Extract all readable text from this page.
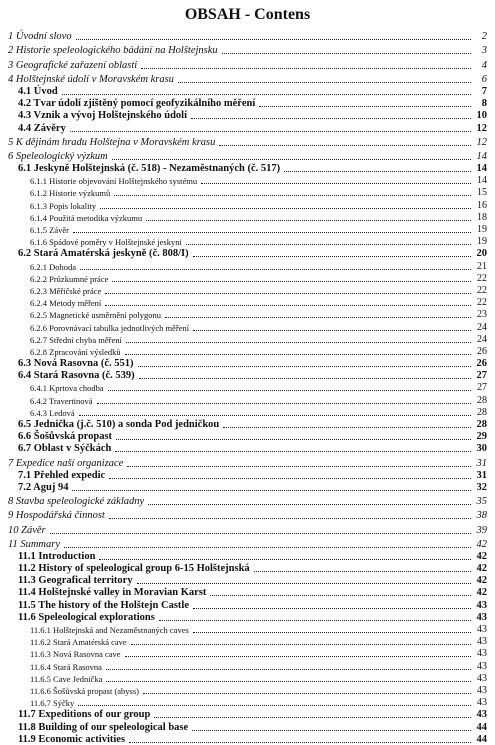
OBSAH - Contens
1 Úvodní slovo	2
2 Historie speleologického bádání na Holštejnsku	3
3 Geografické zařazení oblasti	4
4 Holštejnské údolí v Moravském krasu	6
4.1 Úvod	7
4.2 Tvar údolí zjištěný pomocí geofyzikálního měření	8
4.3 Vznik a vývoj Holštejnského údolí	10
4.4 Závěry	12
5 K dějinám hradu Holštejna v Moravském krasu	12
6 Speleologický výzkum	14
6.1 Jeskyně Holštejnská (č. 518) - Nezaměstnaných (č. 517)	14
6.1.1 Historie objevování Holštejnského systému	14
6.1.2 Historie výzkumů	15
6.1.3 Popis lokality	16
6.1.4 Použitá metodika výzkumu	18
6.1.5 Závěr	19
6.1.6 Spádové poměry v Holštejnské jeskyni	19
6.2 Stará Amatérská jeskyně (č. 808/I)	20
6.2.1 Dohoda	21
6.2.2 Průzkumné práce	22
6.2.3 Měřičské práce	22
6.2.4 Metody měření	22
6.2.5 Magnetické usměrnění polygonu	23
6.2.6 Porovnávací tabulka jednotlivých měření	24
6.2.7 Střední chyba měření	24
6.2.8 Zpracování výsledků	26
6.3 Nová Rasovna (č. 551)	26
6.4 Stará Rasovna (č. 539)	27
6.4.1 Kprtova chodba	27
6.4.2 Travertinová	28
6.4.3 Ledová	28
6.5 Jednička (j.č. 510) a sonda Pod jedničkou	28
6.6 Šošůvská propast	29
6.7 Oblast v Sýčkách	30
7 Expedice naší organizace	31
7.1 Přehled expedic	31
7.2 Aguj 94	32
8 Stavba speleologické základny	35
9 Hospodářská činnost	38
10 Závěr	39
11 Summary	42
11.1 Introduction	42
11.2 History of speleological group 6-15 Holštejnská	42
11.3 Geografical territory	42
11.4 Holštejnské valley in Moravian Karst	42
11.5 The history of the Holštejn Castle	43
11.6 Speleological explorations	43
11.6.1 Holštejnská and Nezaměstnaných caves	43
11.6.2 Stará Amatérská cave	43
11.6.3 Nová Rasovna cave	43
11.6.4 Stará Rasovna	43
11.6.5 Cave Jednička	43
11.6.6 Šošůvská propast (abyss)	43
11.6.7 Sýčky	43
11.7 Expeditions of our group	43
11.8 Building of our speleological base	44
11.9 Economic activities	44
